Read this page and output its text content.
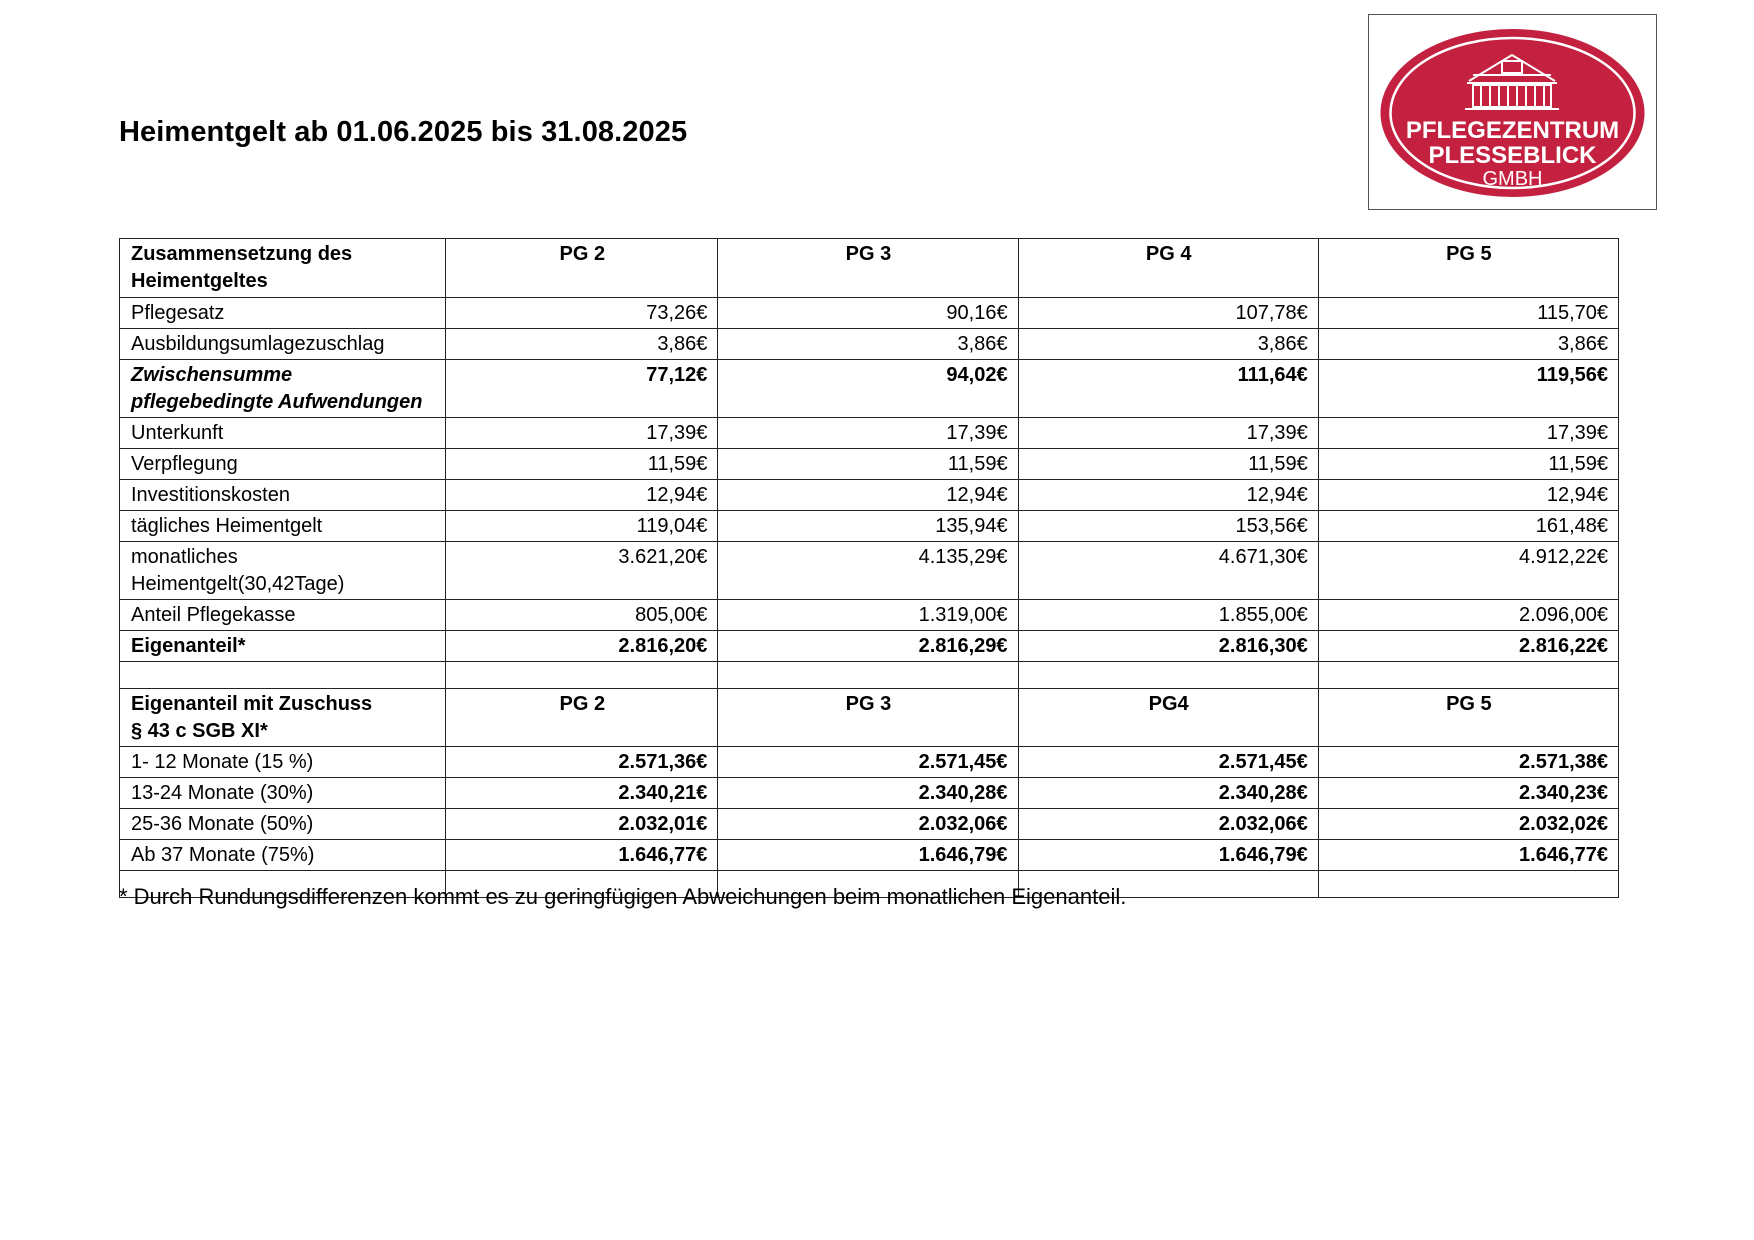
Heimentgelt ab 01.06.2025 bis 31.08.2025	PFLEGEZENTRUM
PLESSEBLICK
GMBH
Zusammensetzung des Heimentgeltes	PG 2	PG 3	PG 4	PG 5
Pflegesatz	73,26€	90,16€	107,78€	115,70€
Ausbildungsumlagezuschlag	3,86€	3,86€	3,86€	3,86€
Zwischensumme pflegebedingte Aufwendungen	77,12€	94,02€	111,64€	119,56€
Unterkunft	17,39€	17,39€	17,39€	17,39€
Verpflegung	11,59€	11,59€	11,59€	11,59€
Investitionskosten	12,94€	12,94€	12,94€	12,94€
tägliches Heimentgelt	119,04€	135,94€	153,56€	161,48€
monatliches Heimentgelt(30,42Tage)	3.621,20€	4.135,29€	4.671,30€	4.912,22€
Anteil Pflegekasse	805,00€	1.319,00€	1.855,00€	2.096,00€
Eigenanteil*	2.816,20€	2.816,29€	2.816,30€	2.816,22€

Eigenanteil mit Zuschuss
§ 43 c SGB XI*	PG 2	PG 3	PG4	PG 5
1- 12 Monate (15 %)	2.571,36€	2.571,45€	2.571,45€	2.571,38€
13-24 Monate (30%)	2.340,21€	2.340,28€	2.340,28€	2.340,23€
25-36 Monate (50%)	2.032,01€	2.032,06€	2.032,06€	2.032,02€
Ab 37 Monate (75%)	1.646,77€	1.646,79€	1.646,79€	1.646,77€

* Durch Rundungsdifferenzen kommt es zu geringfügigen Abweichungen beim monatlichen Eigenanteil.
